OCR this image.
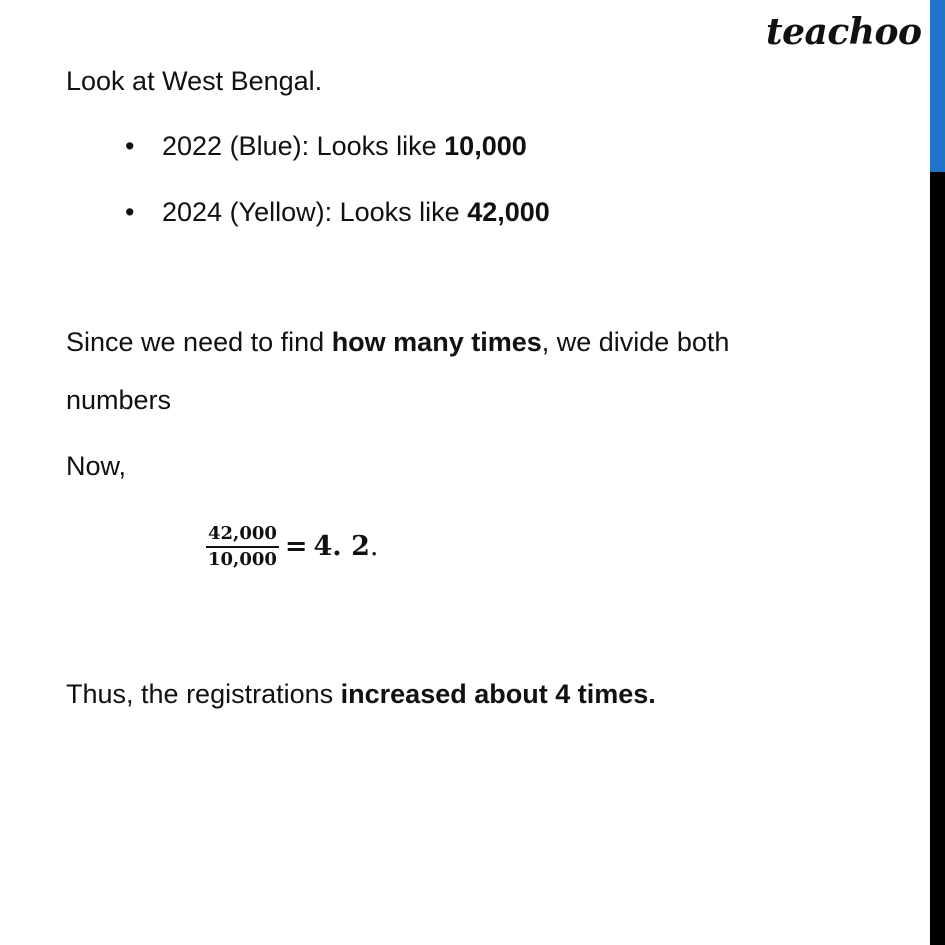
teachoo
Look at West Bengal.
• 2022 (Blue): Looks like 10,000
• 2024 (Yellow): Looks like 42,000
Since we need to find how many times, we divide both
numbers
Now,
$\frac{42,000}{10,000} = 4$. 2 .
Thus, the registrations increased about 4 times.
